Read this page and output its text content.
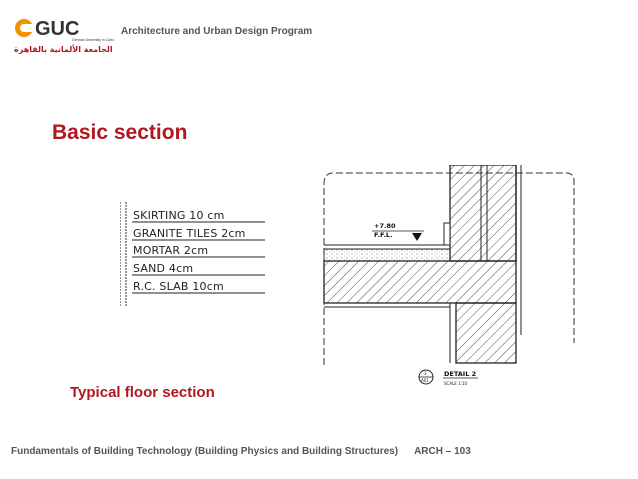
GUC
German University in Cairo
الجامعة الألمانية بالقاهرة
Architecture and Urban Design Program
Basic section
SKIRTING 10 cm
GRANITE TILES 2cm
MORTAR 2cm
SAND 4cm
R.C. SLAB 10cm
+7.80
F.F.L.
3
A01
DETAIL 2
SCALE 1:10
Typical floor section
Fundamentals of Building Technology (Building Physics and Building Structures) ARCH – 103
